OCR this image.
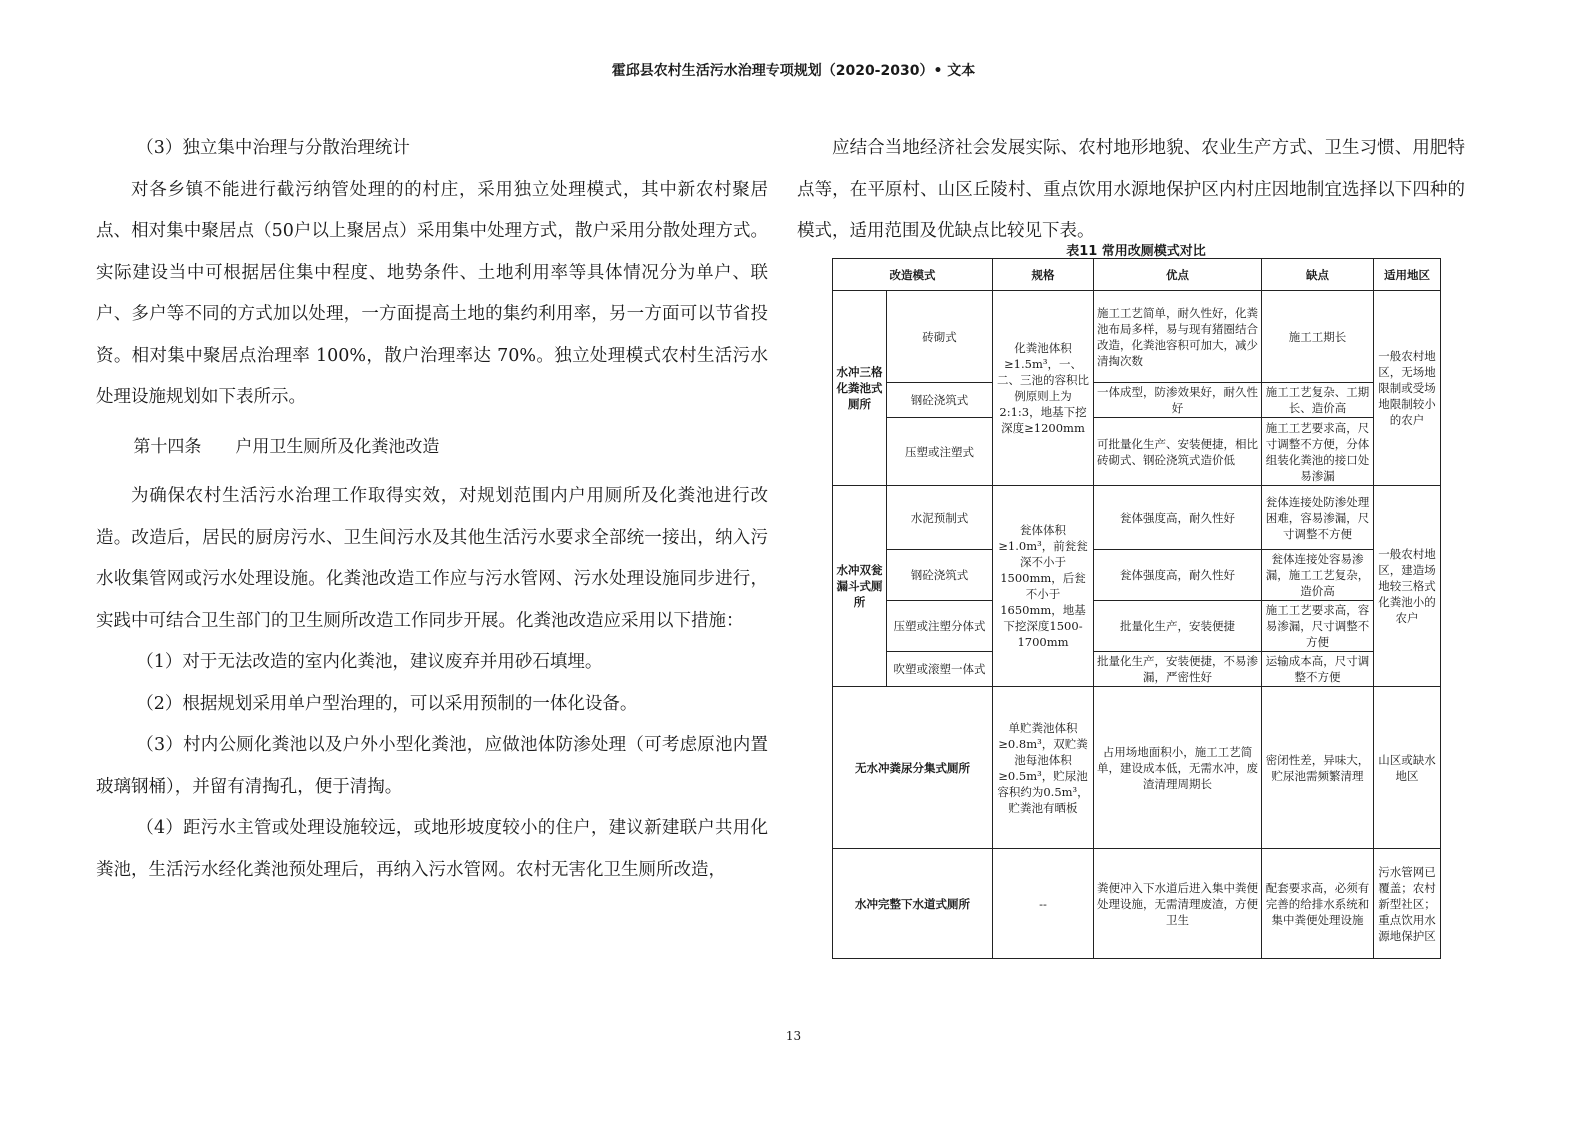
霍邱县农村生活污水治理专项规划（2020-2030）• 文本

（3）独立集中治理与分散治理统计

对各乡镇不能进行截污纳管处理的的村庄，采用独立处理模式，其中新农村聚居点、相对集中聚居点（50户以上聚居点）采用集中处理方式，散户采用分散处理方式。实际建设当中可根据居住集中程度、地势条件、土地利用率等具体情况分为单户、联户、多户等不同的方式加以处理，一方面提高土地的集约利用率，另一方面可以节省投资。相对集中聚居点治理率 100%，散户治理率达 70%。独立处理模式农村生活污水处理设施规划如下表所示。

第十四条 户用卫生厕所及化粪池改造

为确保农村生活污水治理工作取得实效，对规划范围内户用厕所及化粪池进行改造。改造后，居民的厨房污水、卫生间污水及其他生活污水要求全部统一接出，纳入污水收集管网或污水处理设施。化粪池改造工作应与污水管网、污水处理设施同步进行，实践中可结合卫生部门的卫生厕所改造工作同步开展。化粪池改造应采用以下措施：

（1）对于无法改造的室内化粪池，建议废弃并用砂石填埋。

（2）根据规划采用单户型治理的，可以采用预制的一体化设备。

（3）村内公厕化粪池以及户外小型化粪池，应做池体防渗处理（可考虑原池内置玻璃钢桶），并留有清掏孔，便于清掏。

（4）距污水主管或处理设施较远，或地形坡度较小的住户，建议新建联户共用化粪池，生活污水经化粪池预处理后，再纳入污水管网。农村无害化卫生厕所改造，

应结合当地经济社会发展实际、农村地形地貌、农业生产方式、卫生习惯、用肥特点等，在平原村、山区丘陵村、重点饮用水源地保护区内村庄因地制宜选择以下四种的模式，适用范围及优缺点比较见下表。

表11 常用改厕模式对比
改造模式		规格	优点	缺点	适用地区
水冲三格化粪池式厕所	砖砌式	化粪池体积≥1.5m³，一、二、三池的容积比例原则上为2:1:3，地基下挖深度≥1200mm	施工工艺简单，耐久性好，化粪池布局多样，易与现有猪圈结合改造，化粪池容积可加大，减少清掏次数	施工工期长	一般农村地区，无场地限制或受场地限制较小的农户
	钢砼浇筑式		一体成型，防渗效果好，耐久性好	施工工艺复杂、工期长、造价高	
	压塑或注塑式		可批量化生产、安装便捷，相比砖砌式、钢砼浇筑式造价低	施工工艺要求高，尺寸调整不方便，分体组装化粪池的接口处易渗漏	
水冲双瓮漏斗式厕所	水泥预制式	瓮体体积≥1.0m³，前瓮瓮深不小于1500mm，后瓮不小于1650mm，地基下挖深度1500-1700mm	瓮体强度高，耐久性好	瓮体连接处防渗处理困难，容易渗漏，尺寸调整不方便	一般农村地区，建造场地较三格式化粪池小的农户
	钢砼浇筑式		瓮体强度高，耐久性好	瓮体连接处容易渗漏，施工工艺复杂，造价高	
	压塑或注塑分体式		批量化生产，安装便捷	施工工艺要求高，容易渗漏，尺寸调整不方便	
	吹塑或滚塑一体式		批量化生产，安装便捷，不易渗漏，严密性好	运输成本高，尺寸调整不方便	
无水冲粪尿分集式厕所		单贮粪池体积≥0.8m³，双贮粪池每池体积≥0.5m³，贮尿池容积约为0.5m³，贮粪池有晒板	占用场地面积小，施工工艺简单，建设成本低，无需水冲，废渣清理周期长	密闭性差，异味大，贮尿池需频繁清理	山区或缺水地区
水冲完整下水道式厕所		--	粪便冲入下水道后进入集中粪便处理设施，无需清理废渣，方便卫生	配套要求高，必须有完善的给排水系统和集中粪便处理设施	污水管网已覆盖；农村新型社区；重点饮用水源地保护区
13
